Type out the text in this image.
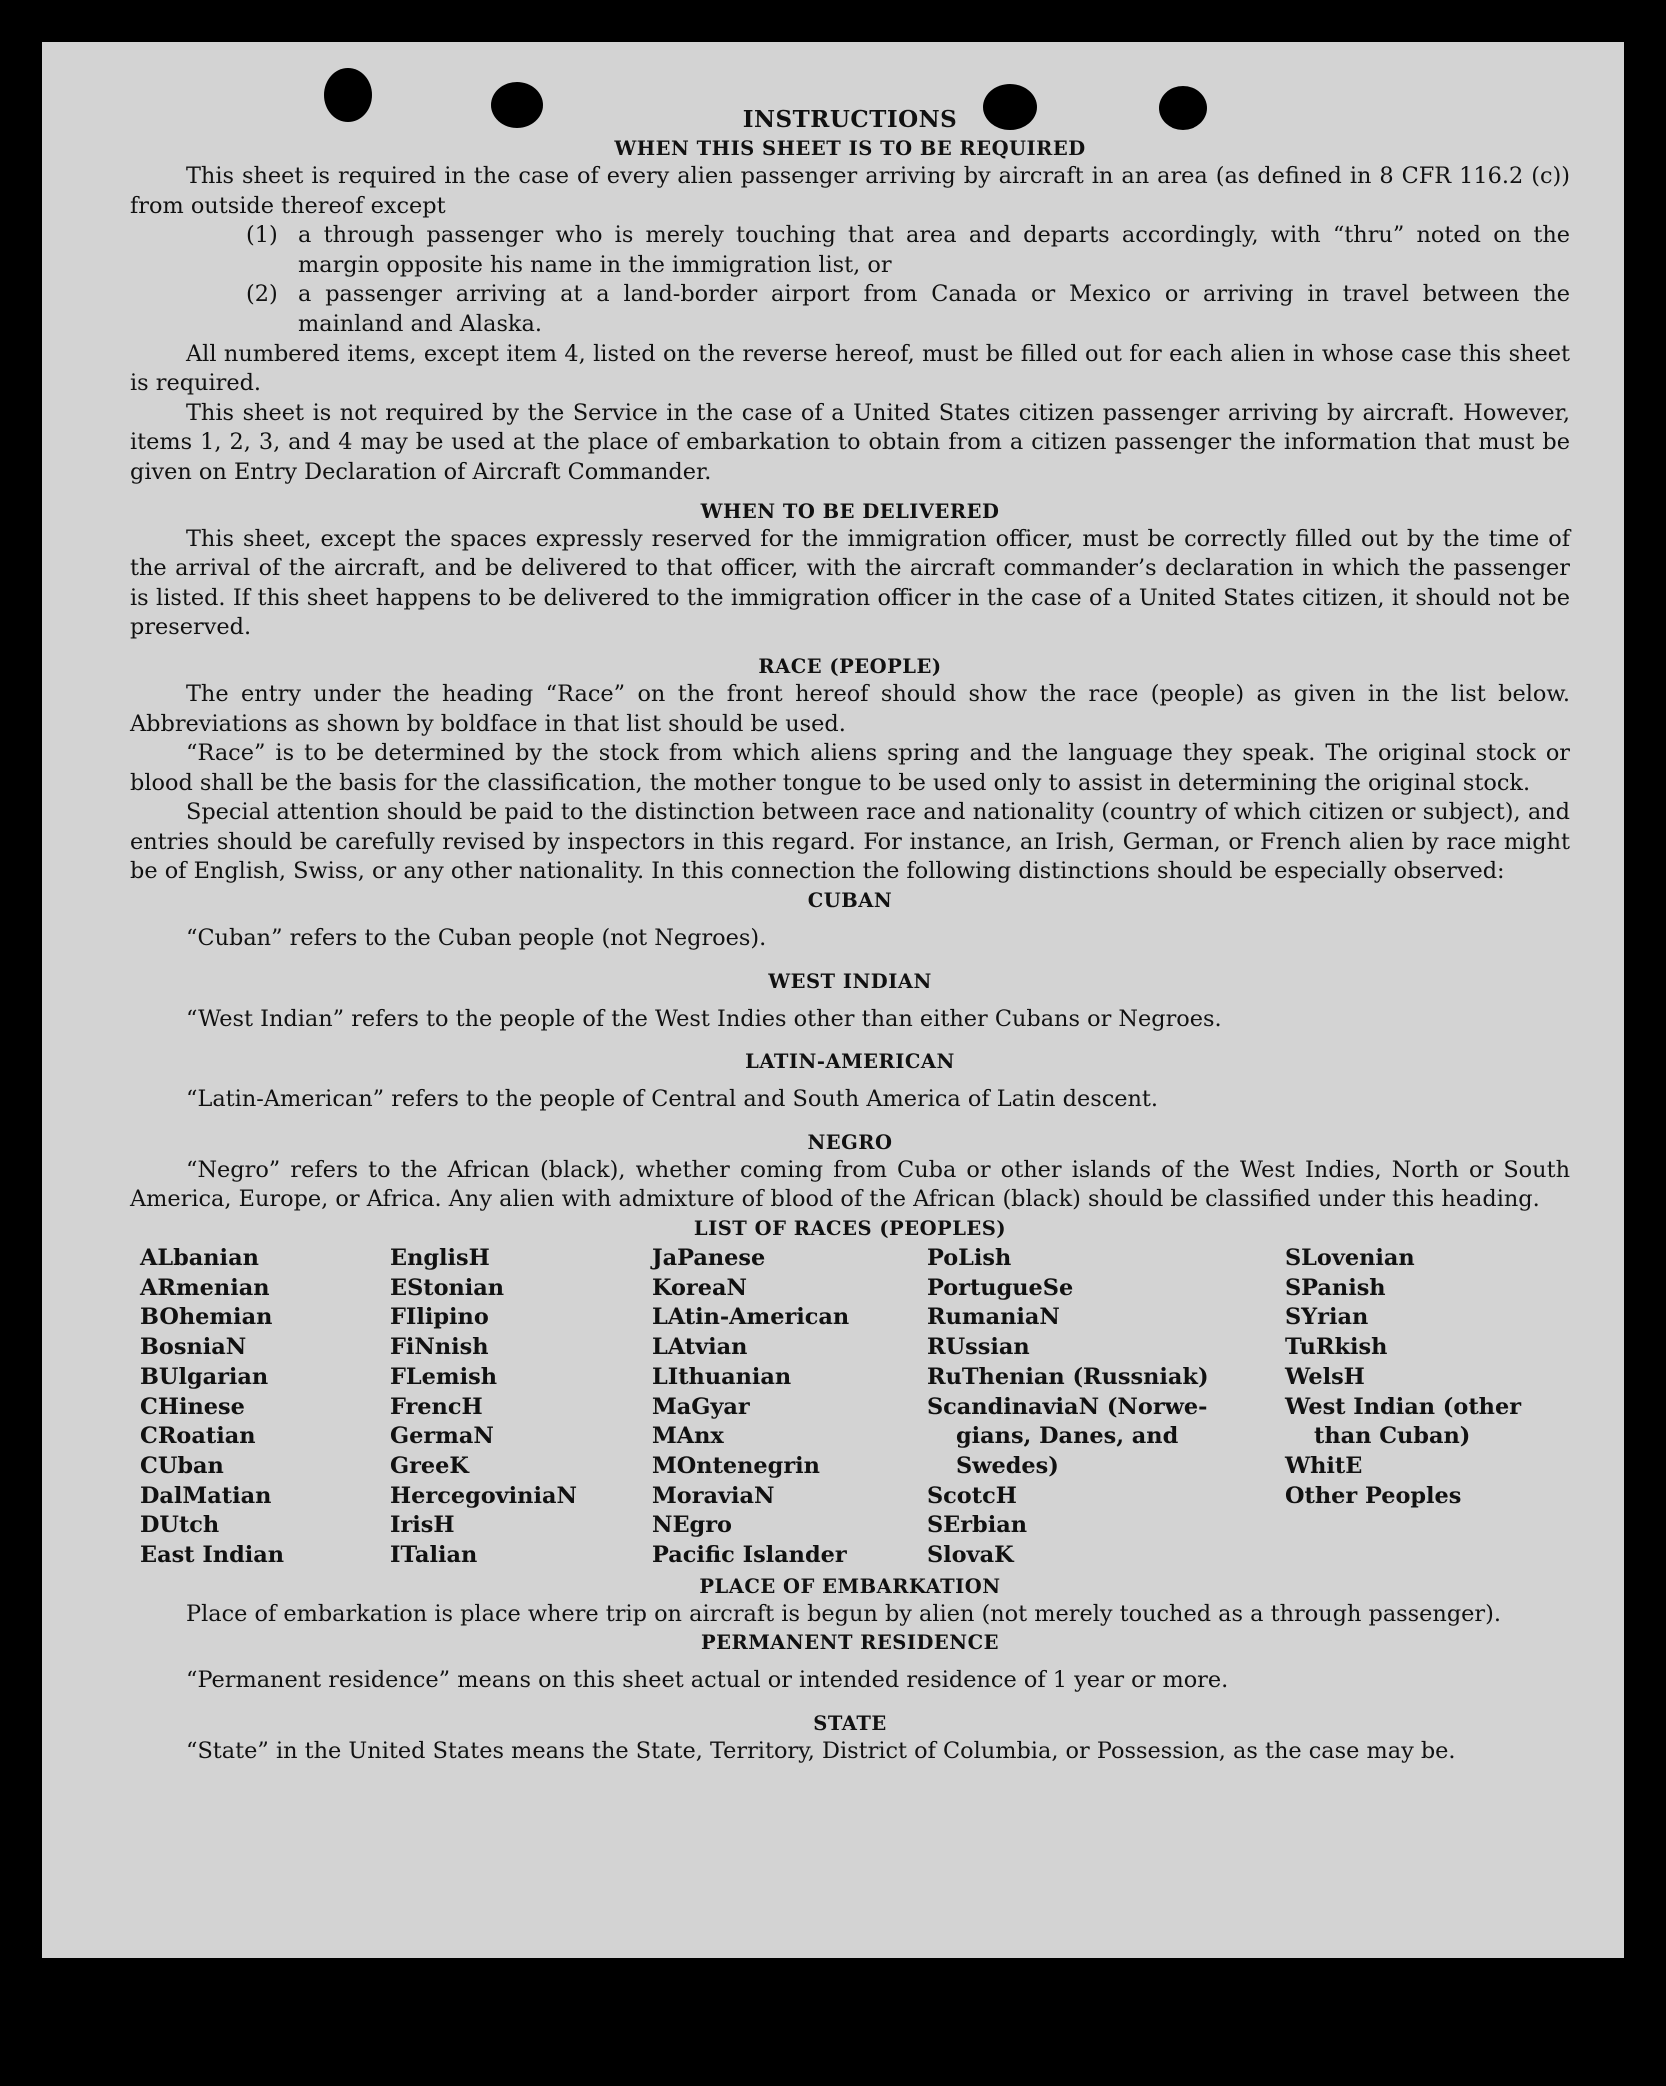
INSTRUCTIONS
WHEN THIS SHEET IS TO BE REQUIRED
This sheet is required in the case of every alien passenger arriving by aircraft in an area (as defined in 8 CFR 116.2 (c)) from outside thereof except
(1) a through passenger who is merely touching that area and departs accordingly, with “thru” noted on the margin opposite his name in the immigration list, or
(2) a passenger arriving at a land-border airport from Canada or Mexico or arriving in travel between the mainland and Alaska.
All numbered items, except item 4, listed on the reverse hereof, must be filled out for each alien in whose case this sheet is required.
This sheet is not required by the Service in the case of a United States citizen passenger arriving by aircraft. However, items 1, 2, 3, and 4 may be used at the place of embarkation to obtain from a citizen passenger the information that must be given on Entry Declaration of Aircraft Commander.
WHEN TO BE DELIVERED
This sheet, except the spaces expressly reserved for the immigration officer, must be correctly filled out by the time of the arrival of the aircraft, and be delivered to that officer, with the aircraft commander’s declaration in which the passenger is listed. If this sheet happens to be delivered to the immigration officer in the case of a United States citizen, it should not be preserved.
RACE (PEOPLE)
The entry under the heading “Race” on the front hereof should show the race (people) as given in the list below. Abbreviations as shown by boldface in that list should be used.
“Race” is to be determined by the stock from which aliens spring and the language they speak. The original stock or blood shall be the basis for the classification, the mother tongue to be used only to assist in determining the original stock.
Special attention should be paid to the distinction between race and nationality (country of which citizen or subject), and entries should be carefully revised by inspectors in this regard. For instance, an Irish, German, or French alien by race might be of English, Swiss, or any other nationality. In this connection the following distinctions should be especially observed:
CUBAN
“Cuban” refers to the Cuban people (not Negroes).
WEST INDIAN
“West Indian” refers to the people of the West Indies other than either Cubans or Negroes.
LATIN-AMERICAN
“Latin-American” refers to the people of Central and South America of Latin descent.
NEGRO
“Negro” refers to the African (black), whether coming from Cuba or other islands of the West Indies, North or South America, Europe, or Africa. Any alien with admixture of blood of the African (black) should be classified under this heading.
LIST OF RACES (PEOPLES)
ALbanian	EnglisH	JaPanese	PoLish	SLovenian
ARmenian	EStonian	KoreaN	PortugueSe	SPanish
BOhemian	FIlipino	LAtin-American	RumaniaN	SYrian
BosniaN	FiNnish	LAtvian	RUssian	TuRkish
BUlgarian	FLemish	LIthuanian	RuThenian (Russniak)	WelsH
CHinese	FrencH	MaGyar	ScandinaviaN (Norwe-	West Indian (other
CRoatian	GermaN	MAnx	gians, Danes, and	than Cuban)
CUban	GreeK	MOntenegrin	Swedes)	WhitE
DalMatian	HercegoviniaN	MoraviaN	ScotcH	Other Peoples
DUtch	IrisH	NEgro	SErbian
East Indian	ITalian	Pacific Islander	SlovaK
PLACE OF EMBARKATION
Place of embarkation is place where trip on aircraft is begun by alien (not merely touched as a through passenger).
PERMANENT RESIDENCE
“Permanent residence” means on this sheet actual or intended residence of 1 year or more.
STATE
“State” in the United States means the State, Territory, District of Columbia, or Possession, as the case may be.
